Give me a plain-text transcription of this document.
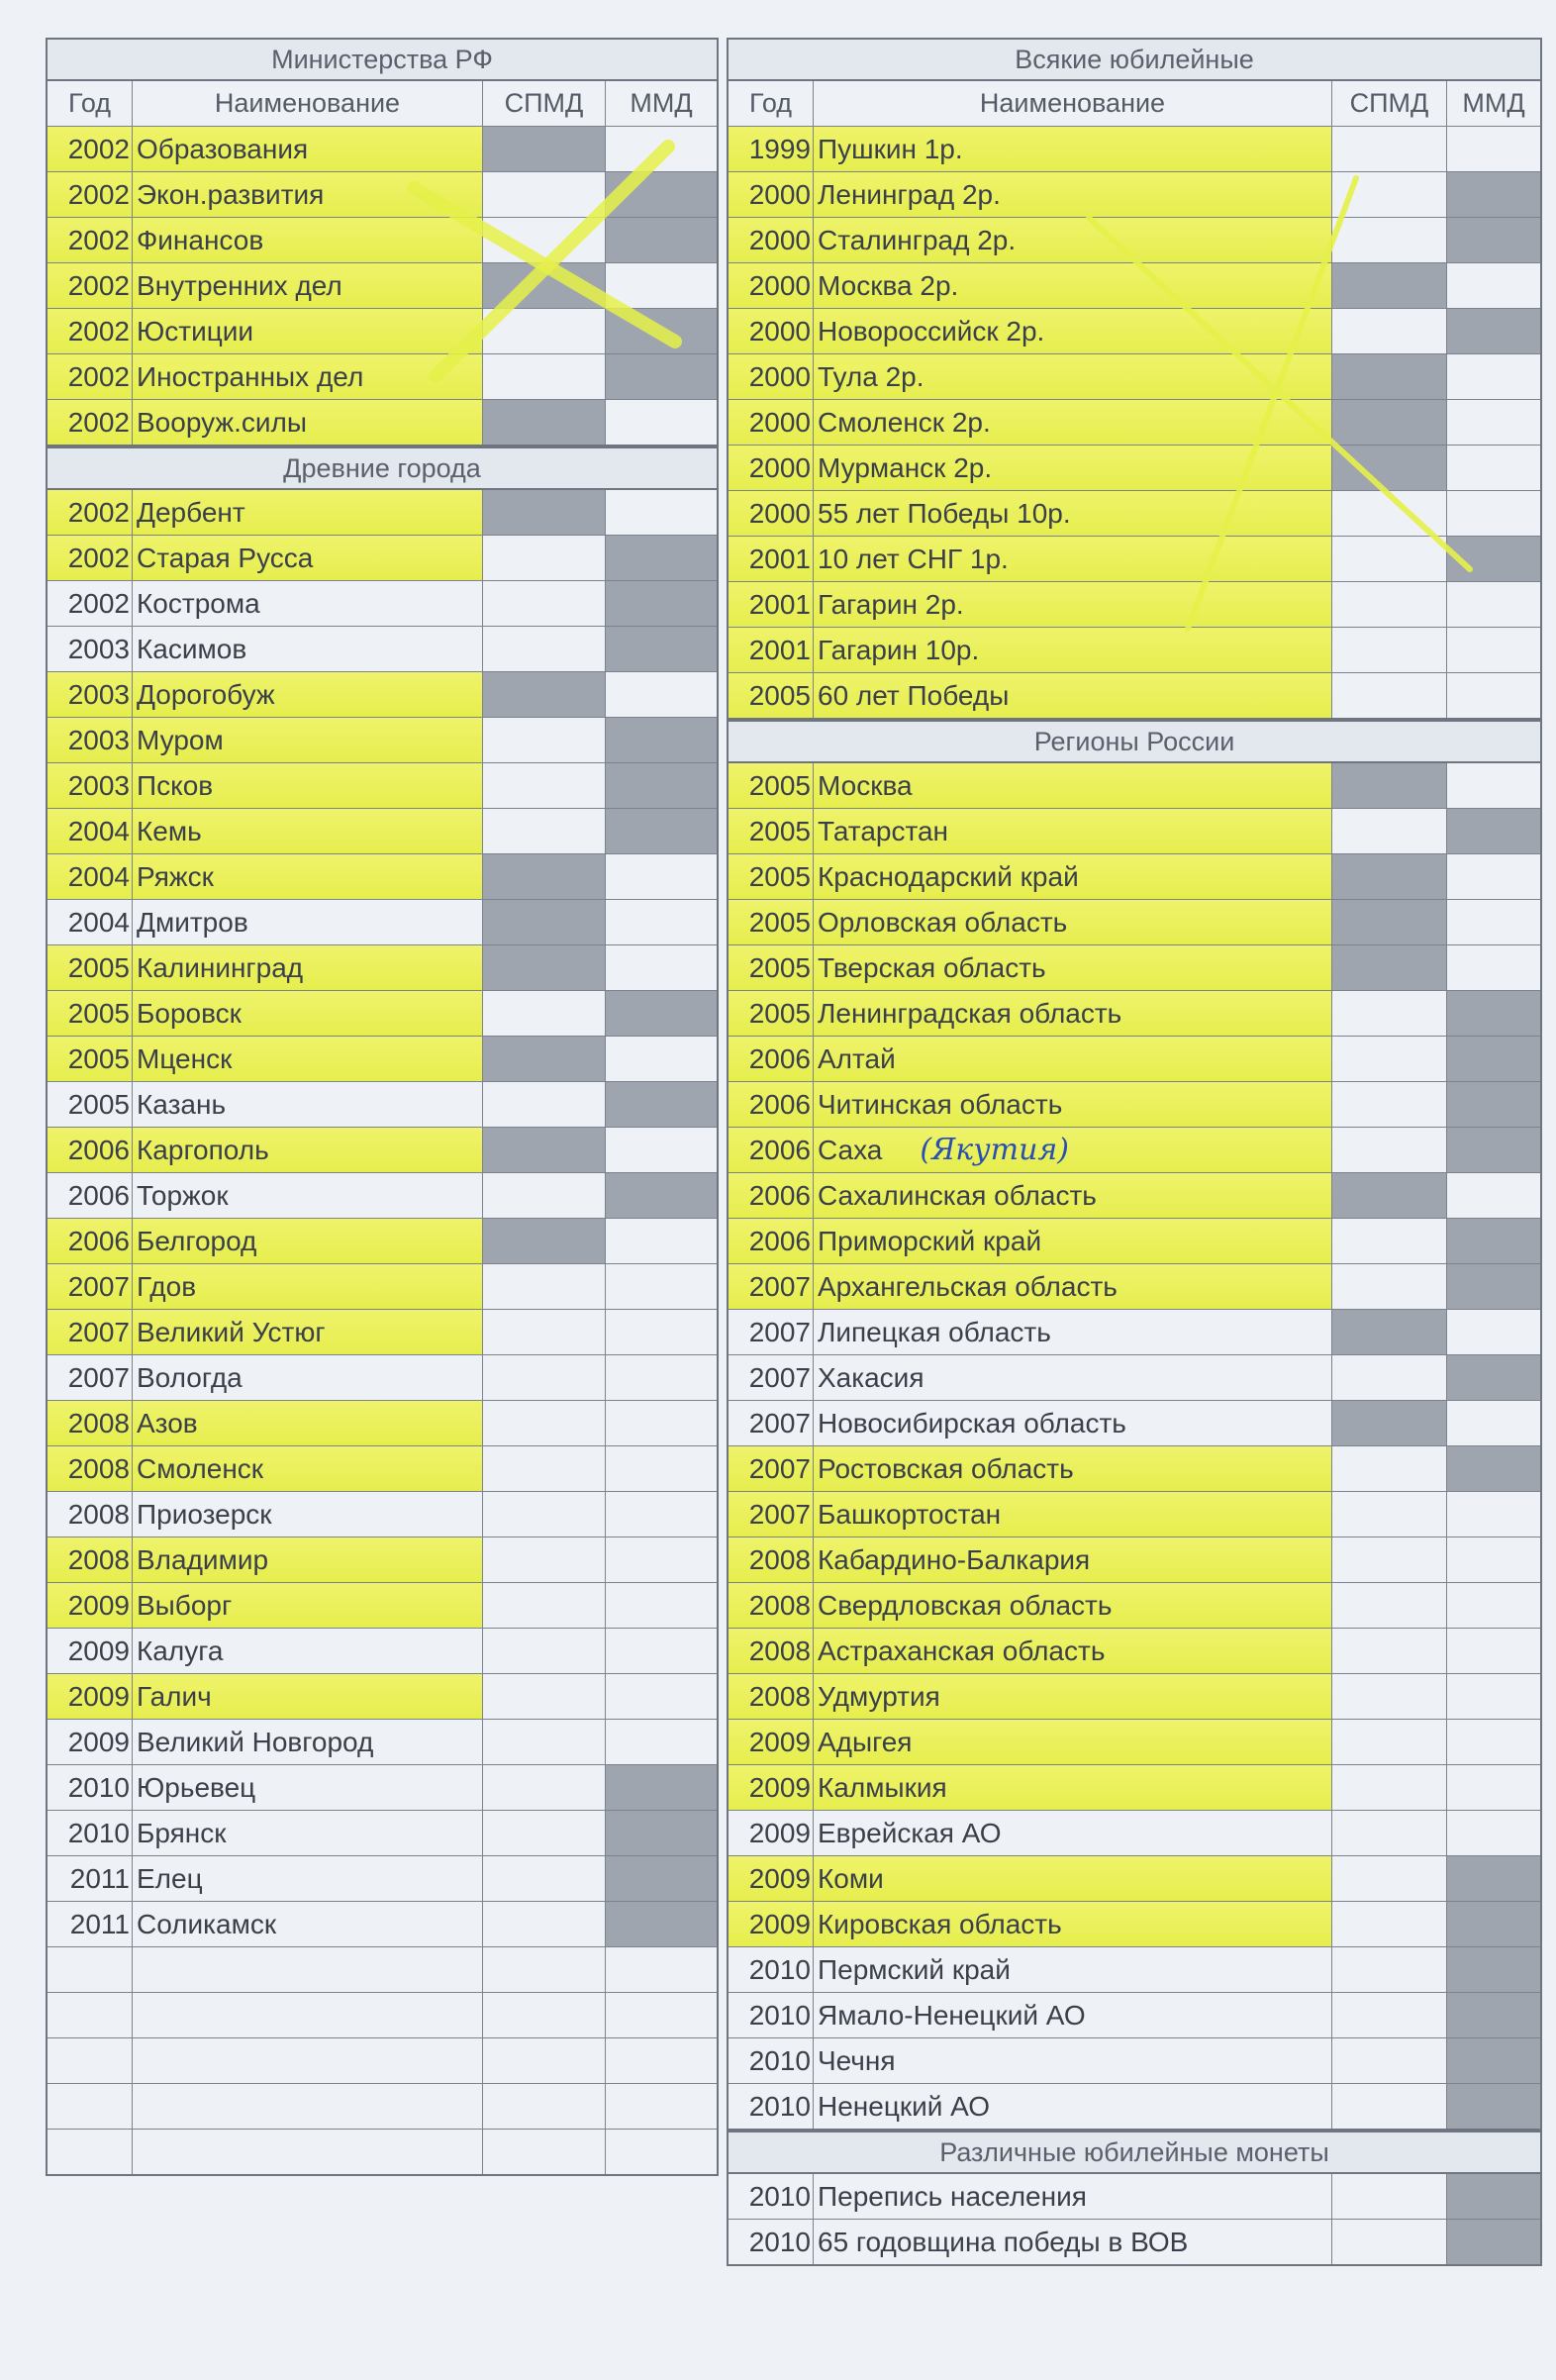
Министерства РФ
Год	Наименование	СПМД	ММД
2002 Образования
2002 Экон.развития
2002 Финансов
2002 Внутренних дел
2002 Юстиции
2002 Иностранных дел
2002 Вооруж.силы
Древние города
2002 Дербент
2002 Старая Русса
2002 Кострома
2003 Касимов
2003 Дорогобуж
2003 Муром
2003 Псков
2004 Кемь
2004 Ряжск
2004 Дмитров
2005 Калининград
2005 Боровск
2005 Мценск
2005 Казань
2006 Каргополь
2006 Торжок
2006 Белгород
2007 Гдов
2007 Великий Устюг
2007 Вологда
2008 Азов
2008 Смоленск
2008 Приозерск
2008 Владимир
2009 Выборг
2009 Калуга
2009 Галич
2009 Великий Новгород
2010 Юрьевец
2010 Брянск
2011 Елец
2011 Соликамск
Всякие юбилейные
Год	Наименование	СПМД	ММД
1999 Пушкин 1р.
2000 Ленинград 2р.
2000 Сталинград 2р.
2000 Москва 2р.
2000 Новороссийск 2р.
2000 Тула 2р.
2000 Смоленск 2р.
2000 Мурманск 2р.
2000 55 лет Победы 10р.
2001 10 лет СНГ 1р.
2001 Гагарин 2р.
2001 Гагарин 10р.
2005 60 лет Победы
Регионы России
2005 Москва
2005 Татарстан
2005 Краснодарский край
2005 Орловская область
2005 Тверская область
2005 Ленинградская область
2006 Алтай
2006 Читинская область
2006 Саха (Якутия)
2006 Сахалинская область
2006 Приморский край
2007 Архангельская область
2007 Липецкая область
2007 Хакасия
2007 Новосибирская область
2007 Ростовская область
2007 Башкортостан
2008 Кабардино-Балкария
2008 Свердловская область
2008 Астраханская область
2008 Удмуртия
2009 Адыгея
2009 Калмыкия
2009 Еврейская АО
2009 Коми
2009 Кировская область
2010 Пермский край
2010 Ямало-Ненецкий АО
2010 Чечня
2010 Ненецкий АО
Различные юбилейные монеты
2010 Перепись населения
2010 65 годовщина победы в ВОВ
